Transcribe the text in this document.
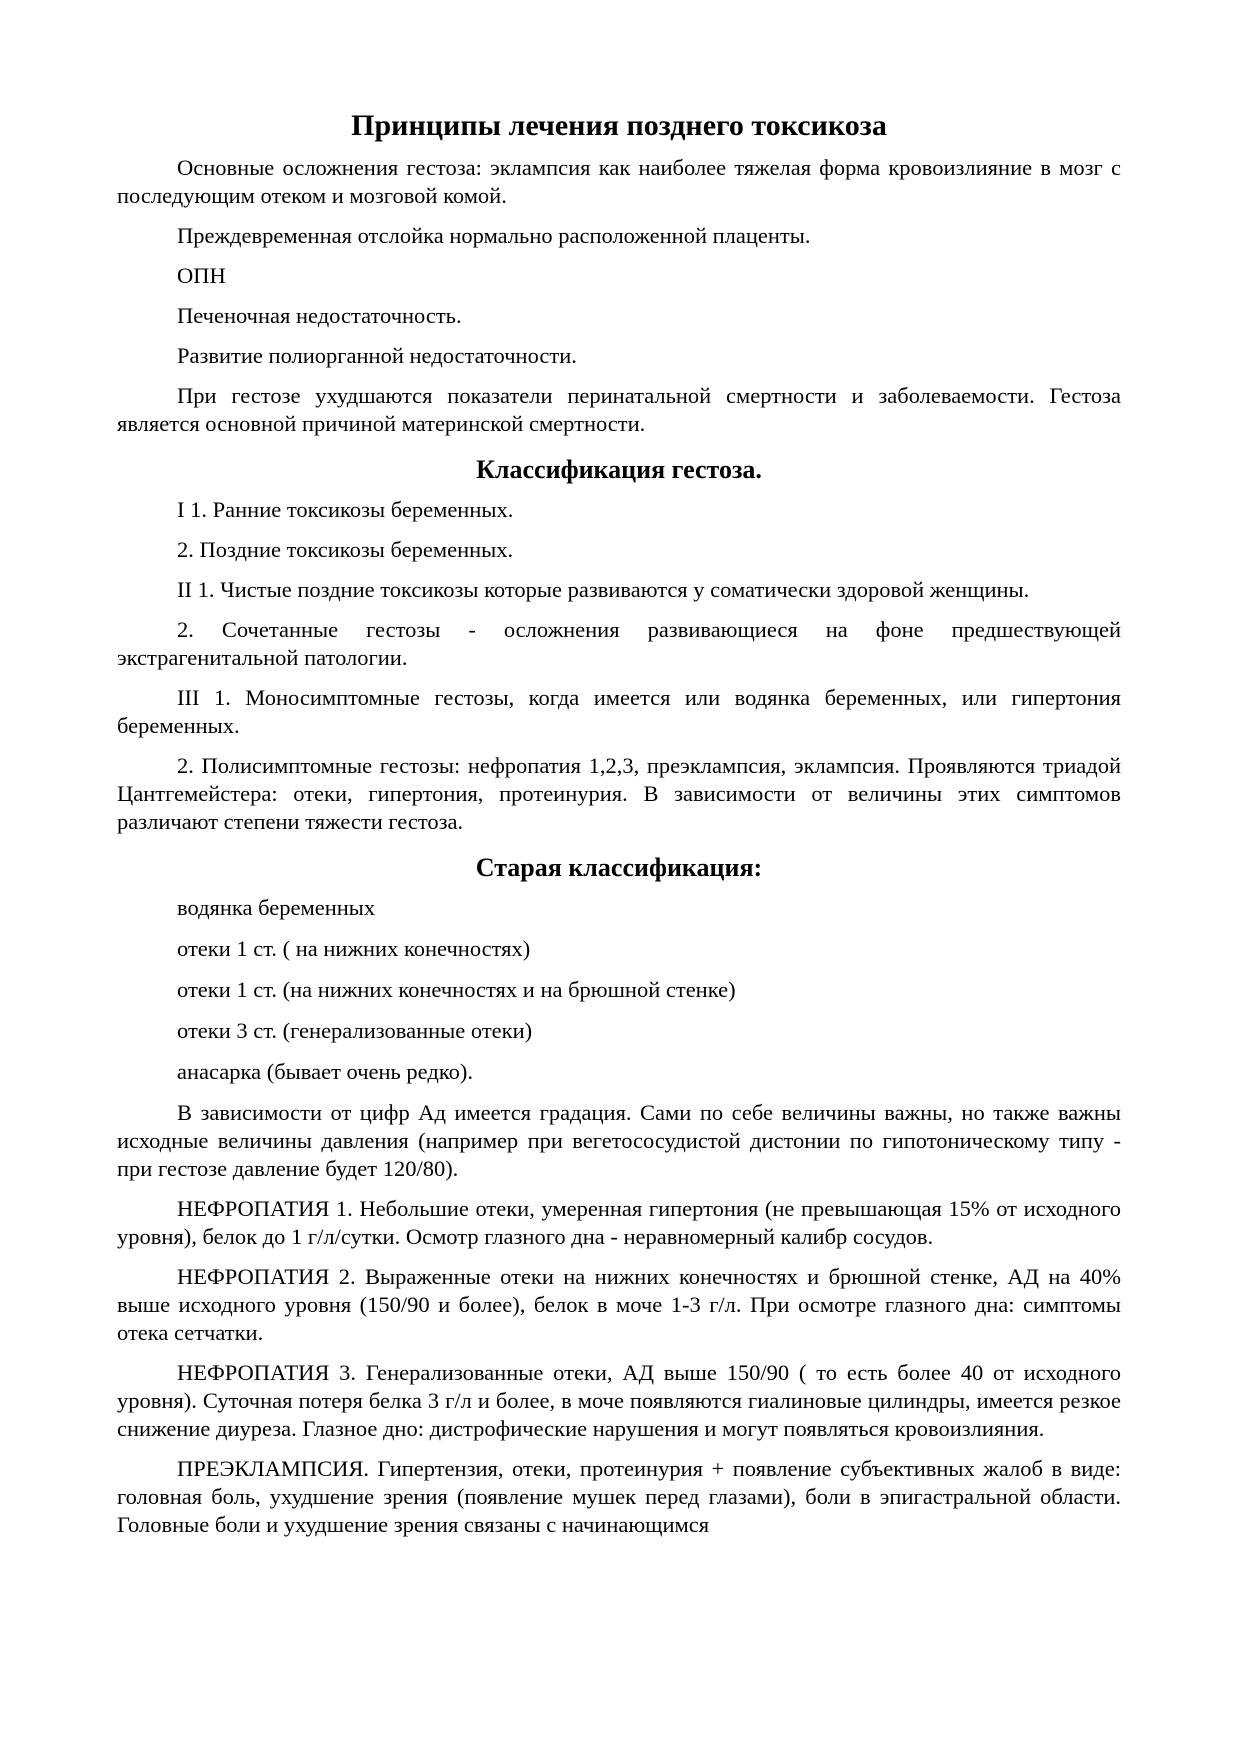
Принципы лечения позднего токсикоза

Основные осложнения гестоза: эклампсия как наиболее тяжелая форма кровоизлияние в мозг с последующим отеком и мозговой комой.

Преждевременная отслойка нормально расположенной плаценты.

ОПН

Печеночная недостаточность.

Развитие полиорганной недостаточности.

При гестозе ухудшаются показатели перинатальной смертности и заболеваемости. Гестоза является основной причиной материнской смертности.

Классификация гестоза.

I 1. Ранние токсикозы беременных.

2. Поздние токсикозы беременных.

II 1. Чистые поздние токсикозы которые развиваются у соматически здоровой женщины.

2. Сочетанные гестозы - осложнения развивающиеся на фоне предшествующей экстрагенитальной патологии.

III 1. Моносимптомные гестозы, когда имеется или водянка беременных, или гипертония беременных.

2. Полисимптомные гестозы: нефропатия 1,2,3, преэклампсия, эклампсия. Проявляются триадой Цантгемейстера: отеки, гипертония, протеинурия. В зависимости от величины этих симптомов различают степени тяжести гестоза.

Старая классификация:

водянка беременных

отеки 1 ст. ( на нижних конечностях)

отеки 1 ст. (на нижних конечностях и на брюшной стенке)

отеки 3 ст. (генерализованные отеки)

анасарка (бывает очень редко).

В зависимости от цифр Ад имеется градация. Сами по себе величины важны, но также важны исходные величины давления (например при вегетососудистой дистонии по гипотоническому типу - при гестозе давление будет 120/80).

НЕФРОПАТИЯ 1. Небольшие отеки, умеренная гипертония (не превышающая 15% от исходного уровня), белок до 1 г/л/сутки. Осмотр глазного дна - неравномерный калибр сосудов.

НЕФРОПАТИЯ 2. Выраженные отеки на нижних конечностях и брюшной стенке, АД на 40% выше исходного уровня (150/90 и более), белок в моче 1-3 г/л. При осмотре глазного дна: симптомы отека сетчатки.

НЕФРОПАТИЯ 3. Генерализованные отеки, АД выше 150/90 ( то есть более 40 от исходного уровня). Суточная потеря белка 3 г/л и более, в моче появляются гиалиновые цилиндры, имеется резкое снижение диуреза. Глазное дно: дистрофические нарушения и могут появляться кровоизлияния.

ПРЕЭКЛАМПСИЯ. Гипертензия, отеки, протеинурия + появление субъективных жалоб в виде: головная боль, ухудшение зрения (появление мушек перед глазами), боли в эпигастральной области. Головные боли и ухудшение зрения связаны с начинающимся
